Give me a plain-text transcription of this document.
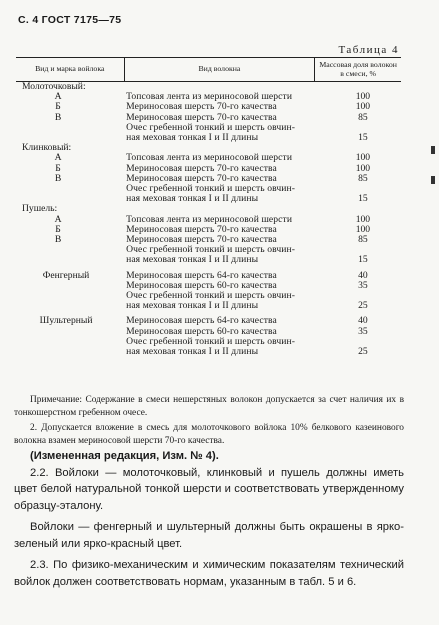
С. 4 ГОСТ 7175—75
Таблица 4
Вид и марка войлока	Вид волокна	Массовая доля волокон в смеси, %
Молоточковый:		
А	Топсовая лента из мериносовой шерсти	100
Б	Мериносовая шерсть 70-го качества	100
В	Мериносовая шерсть 70-го качества	85
	Очес гребенной тонкий и шерсть овчин-	
	ная меховая тонкая I и II длины	15
Клинковый:		
А	Топсовая лента из мериносовой шерсти	100
Б	Мериносовая шерсть 70-го качества	100
В	Мериносовая шерсть 70-го качества	85
	Очес гребенной тонкий и шерсть овчин-	
	ная меховая тонкая I и II длины	15
Пушель:		
А	Топсовая лента из мериносовой шерсти	100
Б	Мериносовая шерсть 70-го качества	100
В	Мериносовая шерсть 70-го качества	85
	Очес гребенной тонкий и шерсть овчин-	
	ная меховая тонкая I и II длины	15

Фенгерный	Мериносовая шерсть 64-го качества	40
	Мериносовая шерсть 60-го качества	35
	Очес гребенной тонкий и шерсть овчин-	
	ная меховая тонкая I и II длины	25

Шультерный	Мериносовая шерсть 64-го качества	40
	Мериносовая шерсть 60-го качества	35
	Очес гребенной тонкий и шерсть овчин-	
	ная меховая тонкая I и II длины	25

Примечание: Содержание в смеси нешерстяных волокон допускается за счет наличия их в тонкошерстном гребенном очесе.

2. Допускается вложение в смесь для молоточкового войлока 10% белкового казеинового волокна взамен мериносовой шерсти 70-го качества.

(Измененная редакция, Изм. № 4).

2.2. Войлоки — молоточковый, клинковый и пушель должны иметь цвет белой натуральной тонкой шерсти и соответствовать утвержденному образцу-эталону.

Войлоки — фенгерный и шультерный должны быть окрашены в ярко-зеленый или ярко-красный цвет.

2.3. По физико-механическим и химическим показателям технический войлок должен соответствовать нормам, указанным в табл. 5 и 6.
